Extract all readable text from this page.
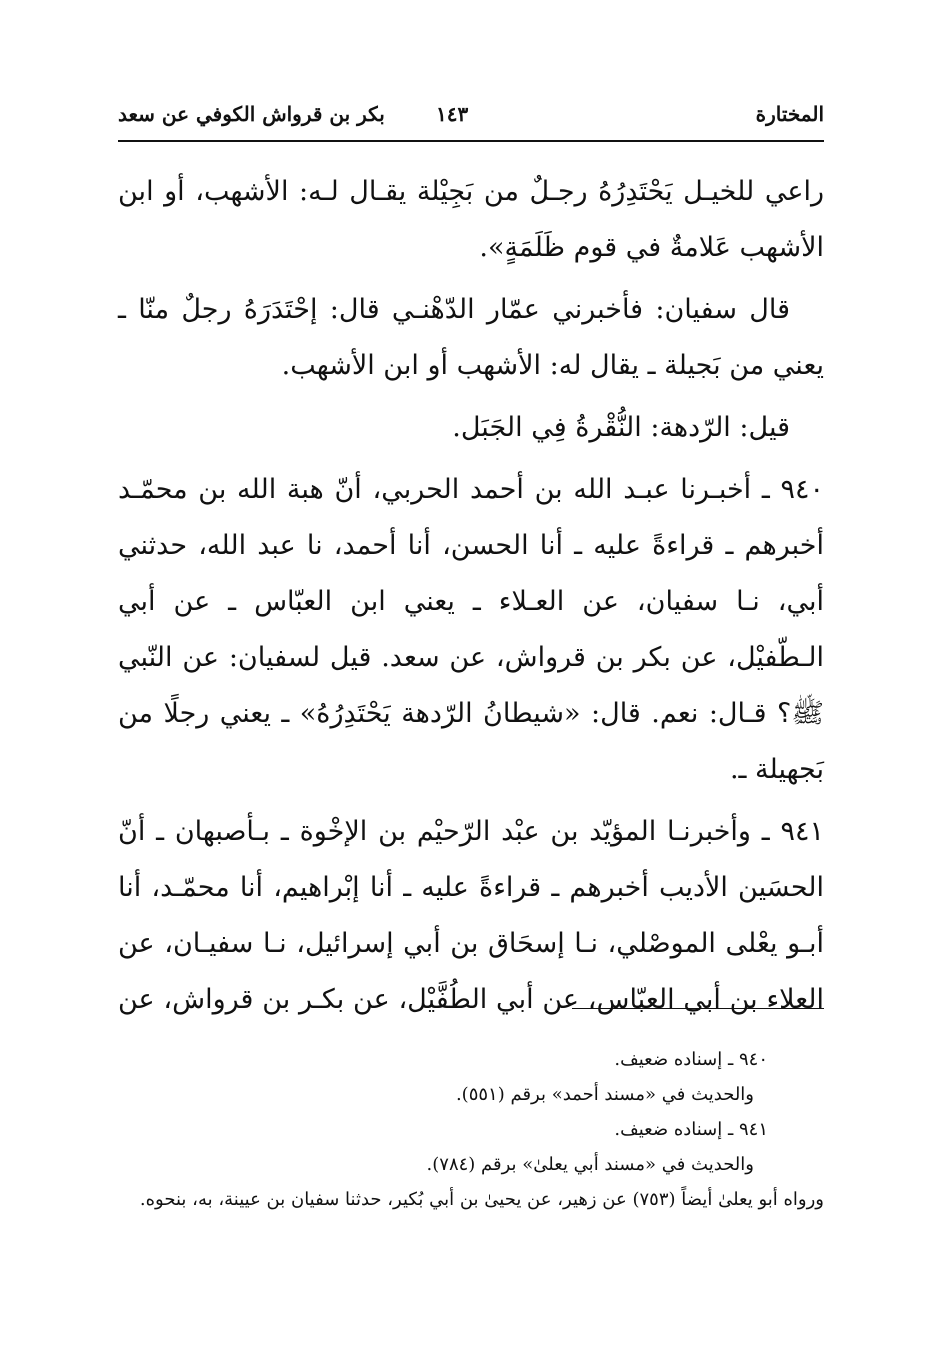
المختارة
١٤٣
بكر بن قرواش الكوفي عن سعد

راعي للخيـل يَحْتَدِرُهُ رجـلٌ من بَجِيْلة يقـال لـه: الأشهب، أو ابن الأشهب عَلامةٌ في قوم ظَلَمَةٍ».

قال سفيان: فأخبرني عمّار الدّهْنـي قال: إحْتَدَرَهُ رجلٌ منّا ـ يعني من بَجيلة ـ يقال له: الأشهب أو ابن الأشهب.

قيل: الرّدهة: النُّقْرةُ فِي الجَبَل.

٩٤٠ ـ أخبـرنا عبـد الله بن أحمد الحربي، أنّ هبة الله بن محمّـد أخبرهم ـ قراءةً عليه ـ أنا الحسن، أنا أحمد، نا عبد الله، حدثني أبي، نـا سفيان، عن العـلاء ـ يعني ابن العبّاس ـ عن أبي الـطّفيْل، عن بكر بن قرواش، عن سعد. قيل لسفيان: عن النّبي ﷺ؟ قـال: نعم. قال: «شيطانُ الرّدهة يَحْتَدِرُهُ» ـ يعني رجلًا من بَجهيلة ـ.

٩٤١ ـ وأخبرنـا المؤيّد بن عبْد الرّحيْم بن الإخْوة ـ بـأصبهان ـ أنّ الحسَين الأديب أخبرهم ـ قراءةً عليه ـ أنا إبْراهيم، أنا محمّـد، أنا أبـو يعْلى الموصْلي، نـا إسحَاق بن أبي إسرائيل، نـا سفيـان، عن العلاء بن أبي العبّاس، عن أبي الطُفَّيْل، عن بكـر بن قرواش، عن

٩٤٠ ـ إسناده ضعيف.

والحديث في «مسند أحمد» برقم (٥٥١).

٩٤١ ـ إسناده ضعيف.

والحديث في «مسند أبي يعلىٰ» برقم (٧٨٤).

ورواه أبو يعلىٰ أيضاً (٧٥٣) عن زهير، عن يحيىٰ بن أبي بُكير، حدثنا سفيان بن عيينة، به، بنحوه.
